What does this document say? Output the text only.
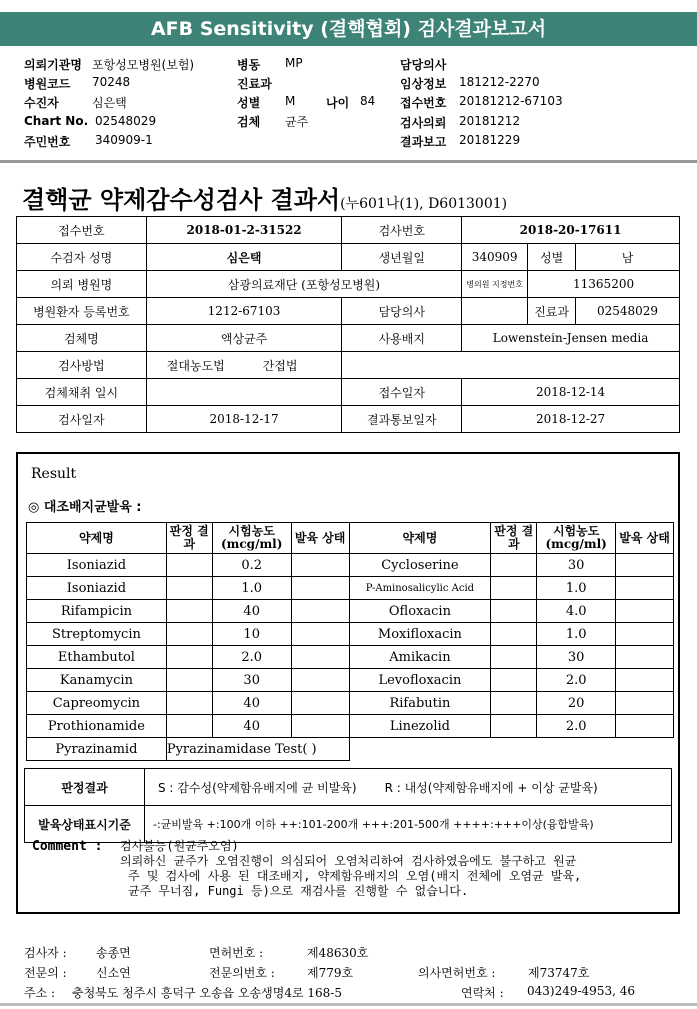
AFB Sensitivity (결핵협회) 검사결과보고서
의뢰기관명 포항성모병원(보험)	병동 MP	담당의사
병원코드 70248	진료과	임상정보 181212-2270
수진자	심은택	성별 M	나이 84 접수번호 20181212-67103
Chart No. 02548029	검체 균주	검사의뢰 20181212
주민번호 340909-1	결과보고 20181229
결핵균 약제감수성검사 결과서(누601나(1), D6013001)
접수번호	2018-01-2-31522	검사번호	2018-20-17611		
수검자 성명	심은택	생년월일	340909	성별	남
의뢰 병원명	삼광의료재단 (포항성모병원)		병의원 지정번호	11365200	
병원환자 등록번호	1212-67103	담당의사		진료과	02548029
검체명	액상균주	사용배지	Lowenstein-Jensen media		
검사방법	절대농도법 간접법				
검체채취 일시		접수일자	2018-12-14		
검사일자	2018-12-17	결과통보일자	2018-12-27		
Result
◎ 대조배지균발육 :
약제명	판정 결과	시험농도 (mcg/ml)	발육 상태	약제명	판정 결과	시험농도 (mcg/ml)	발육 상태
Isoniazid		0.2		Cycloserine		30	
Isoniazid		1.0		P-Aminosalicylic Acid		1.0	
Rifampicin		40		Ofloxacin		4.0	
Streptomycin		10		Moxifloxacin		1.0	
Ethambutol		2.0		Amikacin		30	
Kanamycin		30		Levofloxacin		2.0	
Capreomycin		40		Rifabutin		20	
Prothionamide		40		Linezolid		2.0	
Pyrazinamid	Pyrazinamidase Test( )						
판정결과	S : 감수성(약제함유배지에 균 비발육) R : 내성(약제함유배지에 + 이상 균발육)
발육상태표시기준	-:균비발육 +:100개 이하 ++:101-200개 +++:201-500개 ++++:+++이상(융합발육)
Comment : 검사불능(원균주오염)
의뢰하신 균주가 오염진행이 의심되어 오염처리하여 검사하였음에도 불구하고 원균
주 및 검사에 사용 된 대조배지, 약제함유배지의 오염(배지 전체에 오염균 발육,
균주 무너짐, Fungi 등)으로 재검사를 진행할 수 없습니다.
검사자 : 송종면	면허번호 :	제48630호
전문의 : 신소연	전문의번호 :	제779호	의사면허번호 :	제73747호
주소 : 충청북도 청주시 흥덕구 오송읍 오송생명4로 168-5	연락처 : 043)249-4953, 46
